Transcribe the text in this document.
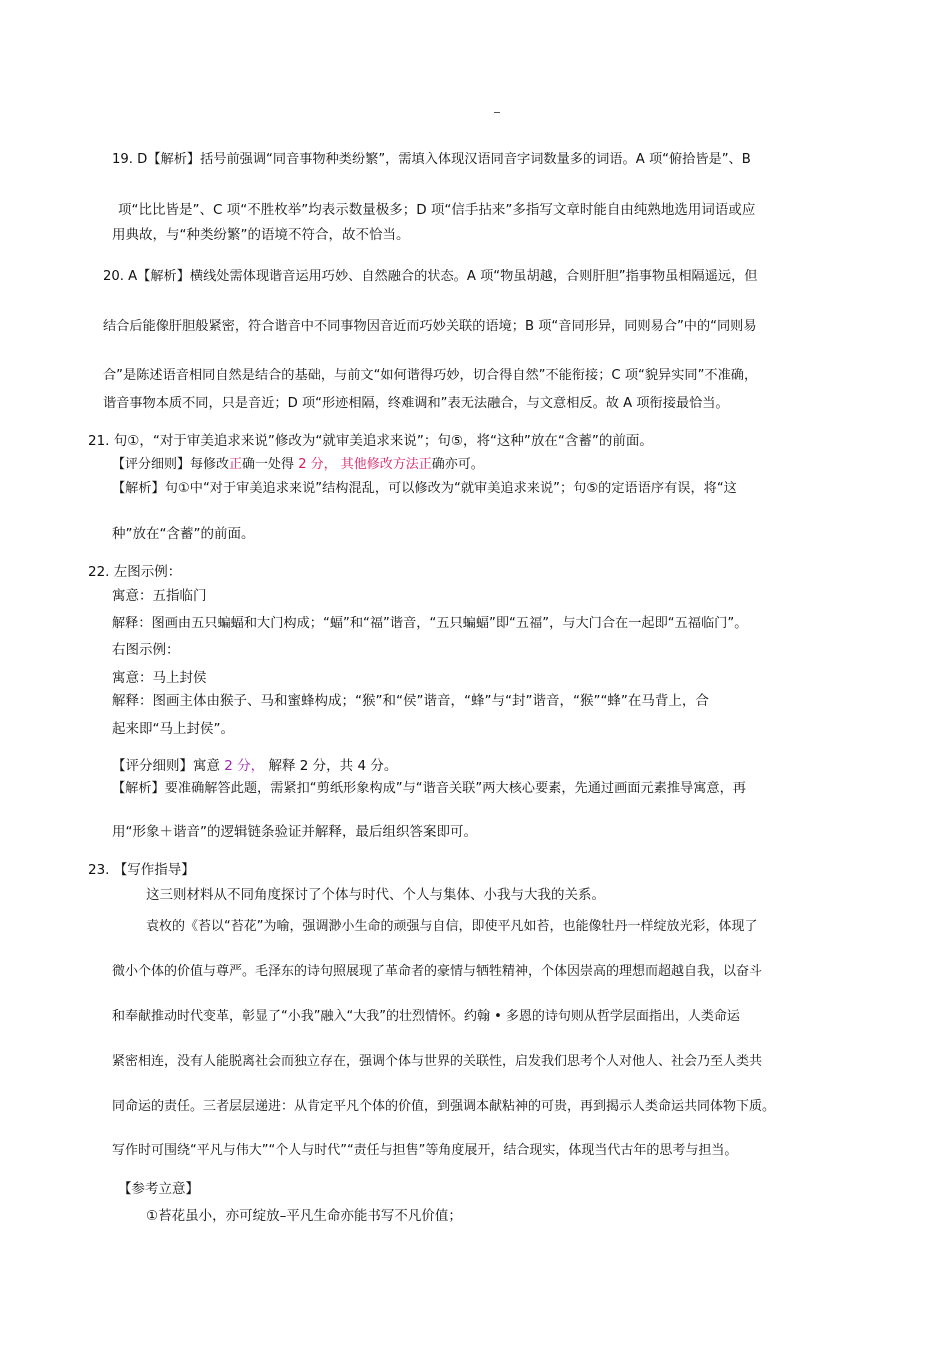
19. D【解析】括号前强调“同音事物种类纷繁”，需填入体现汉语同音字词数量多的词语。A 项“俯拾皆是”、B
项“比比皆是”、C 项“不胜枚举”均表示数量极多；D 项“信手拈来”多指写文章时能自由纯熟地选用词语或应
用典故，与“种类纷繁”的语境不符合，故不恰当。
20. A【解析】横线处需体现谐音运用巧妙、自然融合的状态。A 项“物虽胡越，合则肝胆”指事物虽相隔遥远，但
结合后能像肝胆般紧密，符合谐音中不同事物因音近而巧妙关联的语境；B 项“音同形异，同则易合”中的“同则易
合”是陈述语音相同自然是结合的基础，与前文“如何谐得巧妙，切合得自然”不能衔接；C 项“貌异实同”不准确，
谐音事物本质不同，只是音近；D 项“形迹相隔，终难调和”表无法融合，与文意相反。故 A 项衔接最恰当。
21. 句①，“对于审美追求来说”修改为“就审美追求来说”；句⑤，将“这种”放在“含蓄”的前面。
【评分细则】每修改正确一处得 2 分， 其他修改方法正确亦可。
【解析】句①中“对于审美追求来说”结构混乱，可以修改为“就审美追求来说”；句⑤的定语语序有误，将“这
种”放在“含蓄”的前面。
22. 左图示例：
寓意：五指临门
解释：图画由五只蝙蝠和大门构成；“蝠”和“福”谐音，“五只蝙蝠”即“五福”，与大门合在一起即“五福临门”。
右图示例：
寓意：马上封侯
解释：图画主体由猴子、马和蜜蜂构成；“猴”和“侯”谐音，“蜂”与“封”谐音，“猴”“蜂”在马背上，合
起来即“马上封侯”。
【评分细则】寓意 2 分， 解释 2 分，共 4 分。
【解析】要准确解答此题，需紧扣“剪纸形象构成”与“谐音关联”两大核心要素，先通过画面元素推导寓意，再
用“形象＋谐音”的逻辑链条验证并解释，最后组织答案即可。
23. 【写作指导】
这三则材料从不同角度探讨了个体与时代、个人与集体、小我与大我的关系。
袁枚的《苔以“苔花”为喻，强调渺小生命的顽强与自信，即使平凡如苔，也能像牡丹一样绽放光彩，体现了
微小个体的价值与尊严。毛泽东的诗句照展现了革命者的豪情与牺牲精神，个体因崇高的理想而超越自我，以奋斗
和奉献推动时代变革，彰显了“小我”融入“大我”的壮烈情怀。约翰 • 多恩的诗句则从哲学层面指出，人类命运
紧密相连，没有人能脱离社会而独立存在，强调个体与世界的关联性，启发我们思考个人对他人、社会乃至人类共
同命运的责任。三者层层递进：从肯定平凡个体的价值，到强调本献粘神的可贵，再到揭示人类命运共同体物下质。
写作时可围绕“平凡与伟大”“个人与时代”“责任与担售”等角度展开，结合现实，体现当代古年的思考与担当。
【参考立意】
①苔花虽小，亦可绽放–平凡生命亦能书写不凡价值；
